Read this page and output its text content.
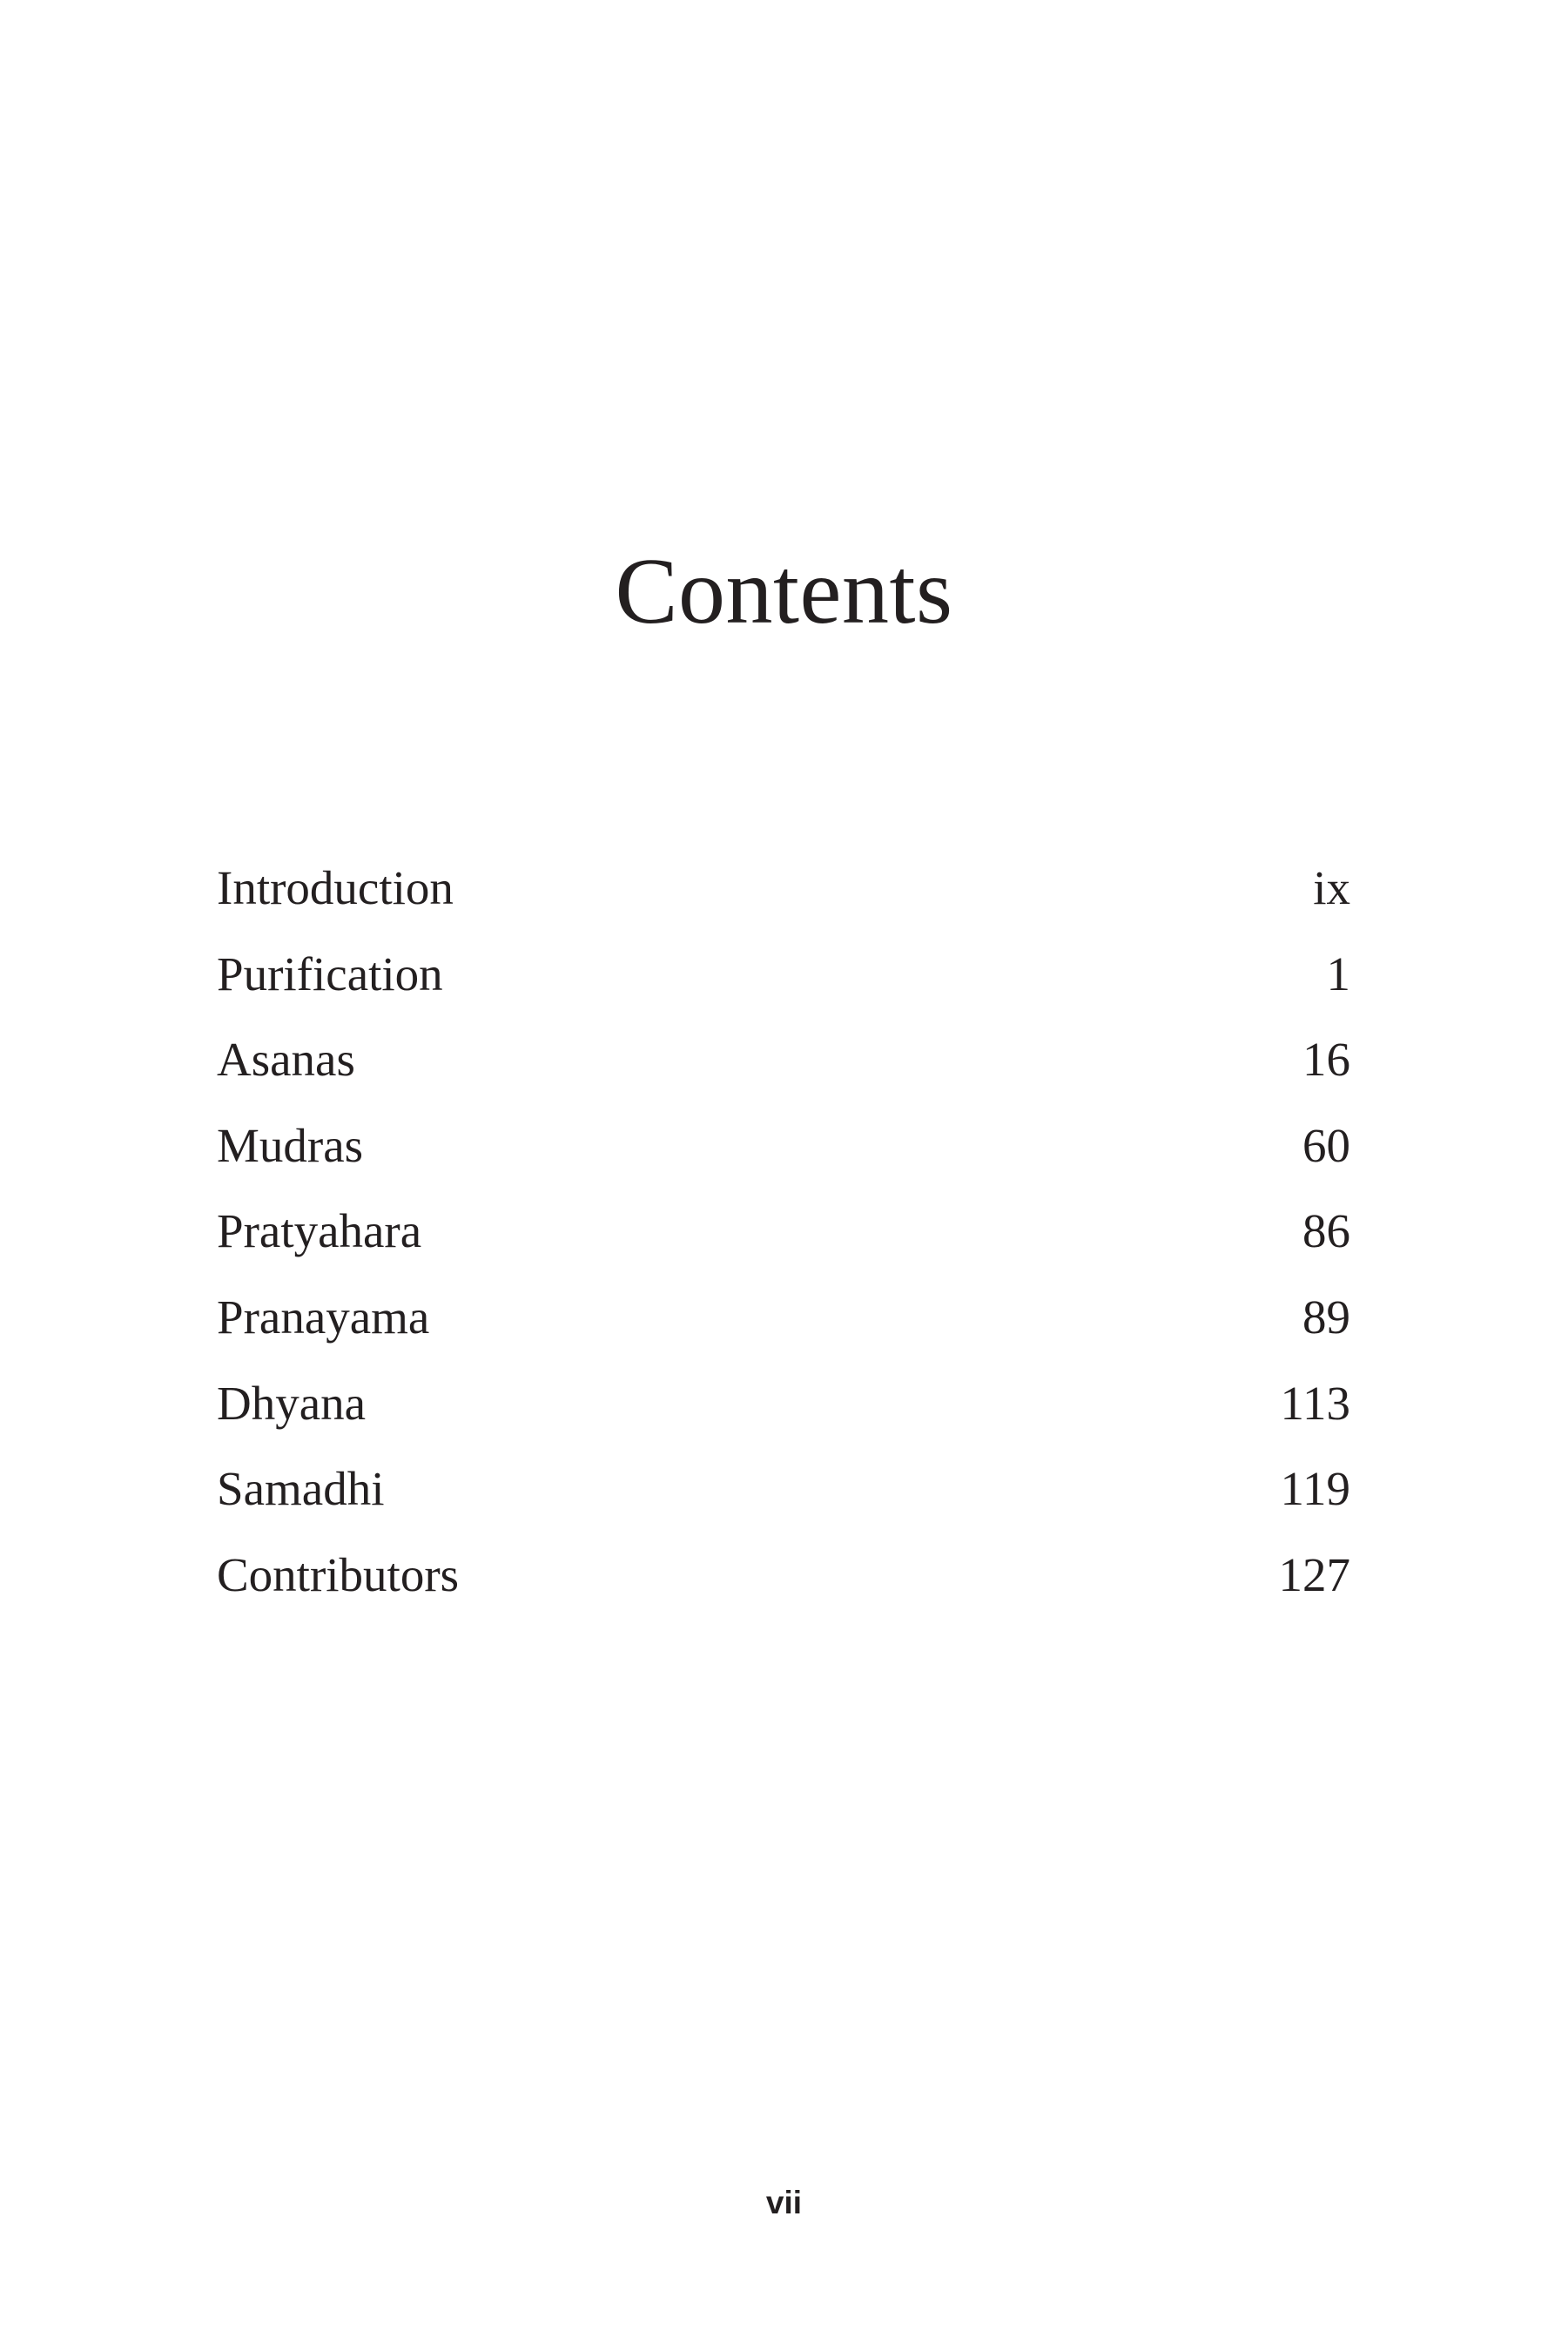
Contents
Introduction	ix
Purification	1
Asanas	16
Mudras	60
Pratyahara	86
Pranayama	89
Dhyana	113
Samadhi	119
Contributors	127
vii
